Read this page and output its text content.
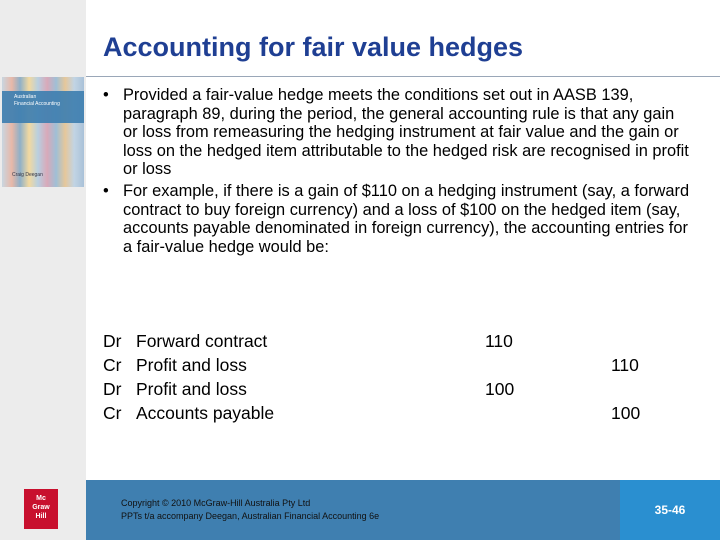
Australian
Financial Accounting
Craig Deegan
Accounting for fair value hedges
• Provided a fair-value hedge meets the conditions set out in AASB 139, paragraph 89, during the period, the general accounting rule is that any gain or loss from remeasuring the hedging instrument at fair value and the gain or loss on the hedged item attributable to the hedged risk are recognised in profit or loss
• For example, if there is a gain of $110 on a hedging instrument (say, a forward contract to buy foreign currency) and a loss of $100 on the hedged item (say, accounts payable denominated in foreign currency), the accounting entries for a fair-value hedge would be:
Dr Forward contract	110
Cr Profit and loss	110
Dr Profit and loss	100
Cr Accounts payable	100
Copyright © 2010 McGraw-Hill Australia Pty Ltd
PPTs t/a accompany Deegan, Australian Financial Accounting 6e	35-46
Mc
Graw
Hill
